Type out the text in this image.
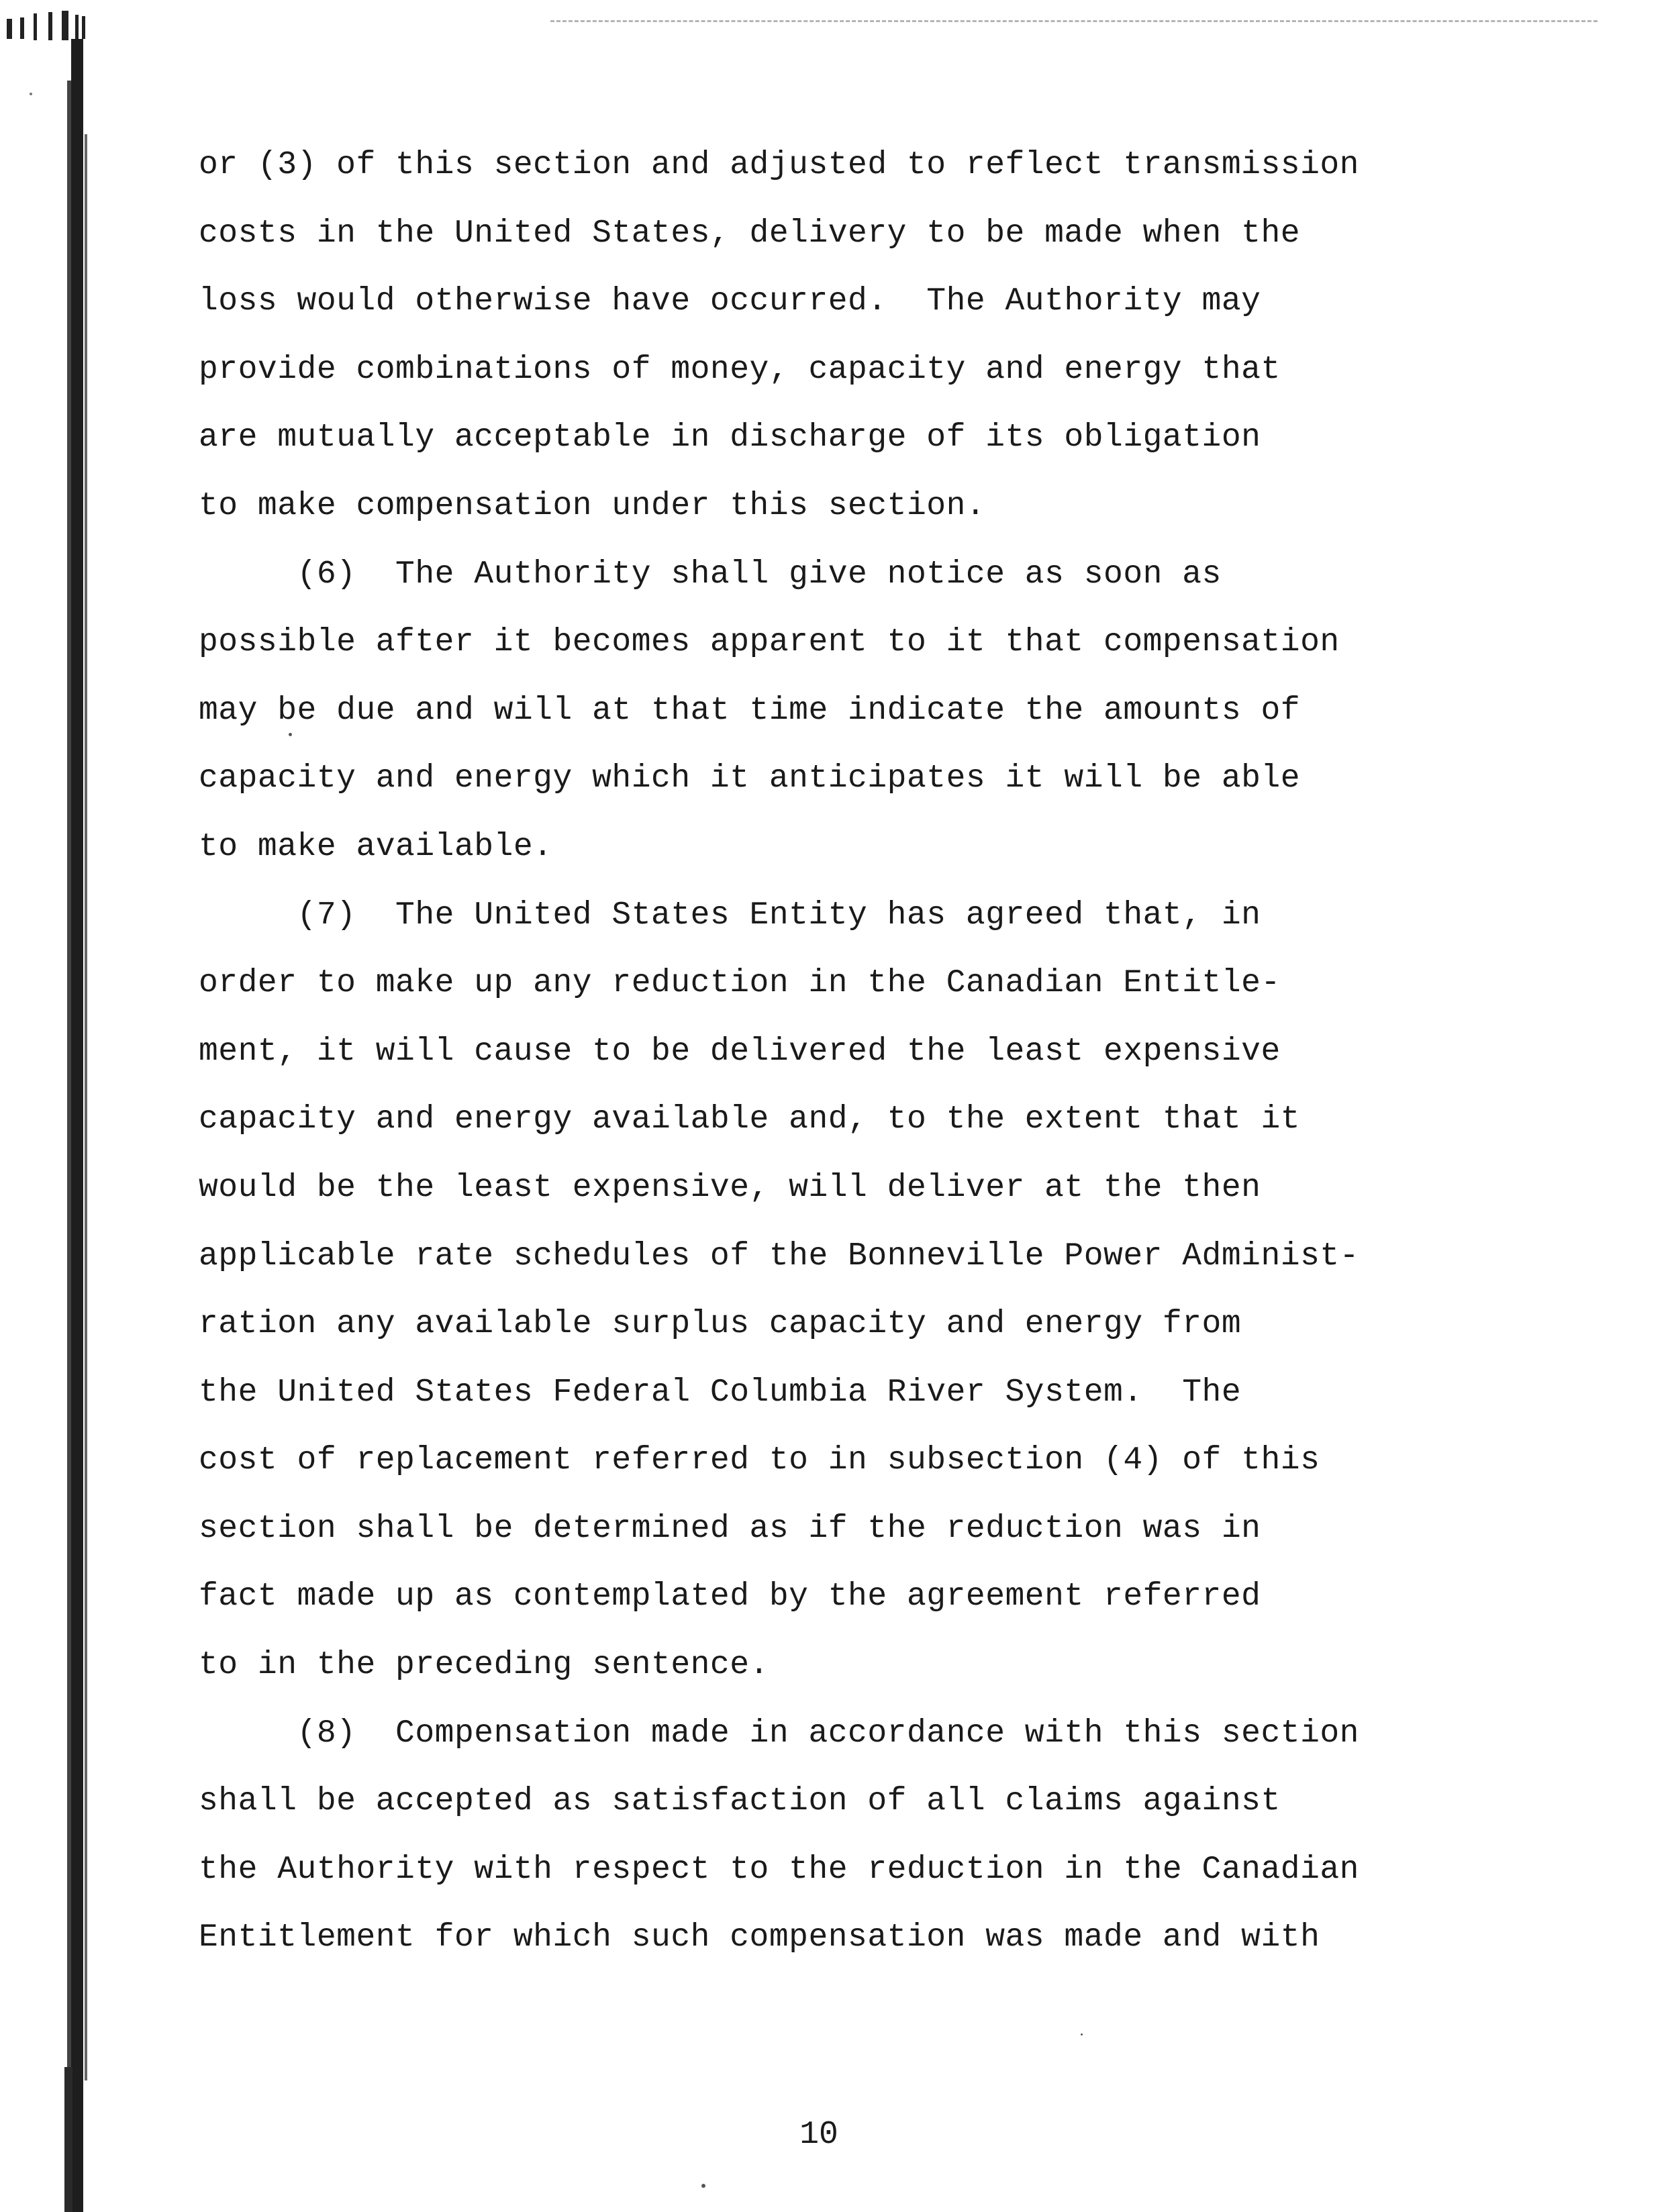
or (3) of this section and adjusted to reflect transmission
costs in the United States, delivery to be made when the
loss would otherwise have occurred.  The Authority may
provide combinations of money, capacity and energy that
are mutually acceptable in discharge of its obligation
to make compensation under this section.
(6)  The Authority shall give notice as soon as
possible after it becomes apparent to it that compensation
may be due and will at that time indicate the amounts of
capacity and energy which it anticipates it will be able
to make available.
(7)  The United States Entity has agreed that, in
order to make up any reduction in the Canadian Entitle-
ment, it will cause to be delivered the least expensive
capacity and energy available and, to the extent that it
would be the least expensive, will deliver at the then
applicable rate schedules of the Bonneville Power Administ-
ration any available surplus capacity and energy from
the United States Federal Columbia River System.  The
cost of replacement referred to in subsection (4) of this
section shall be determined as if the reduction was in
fact made up as contemplated by the agreement referred
to in the preceding sentence.
(8)  Compensation made in accordance with this section
shall be accepted as satisfaction of all claims against
the Authority with respect to the reduction in the Canadian
Entitlement for which such compensation was made and with
10
